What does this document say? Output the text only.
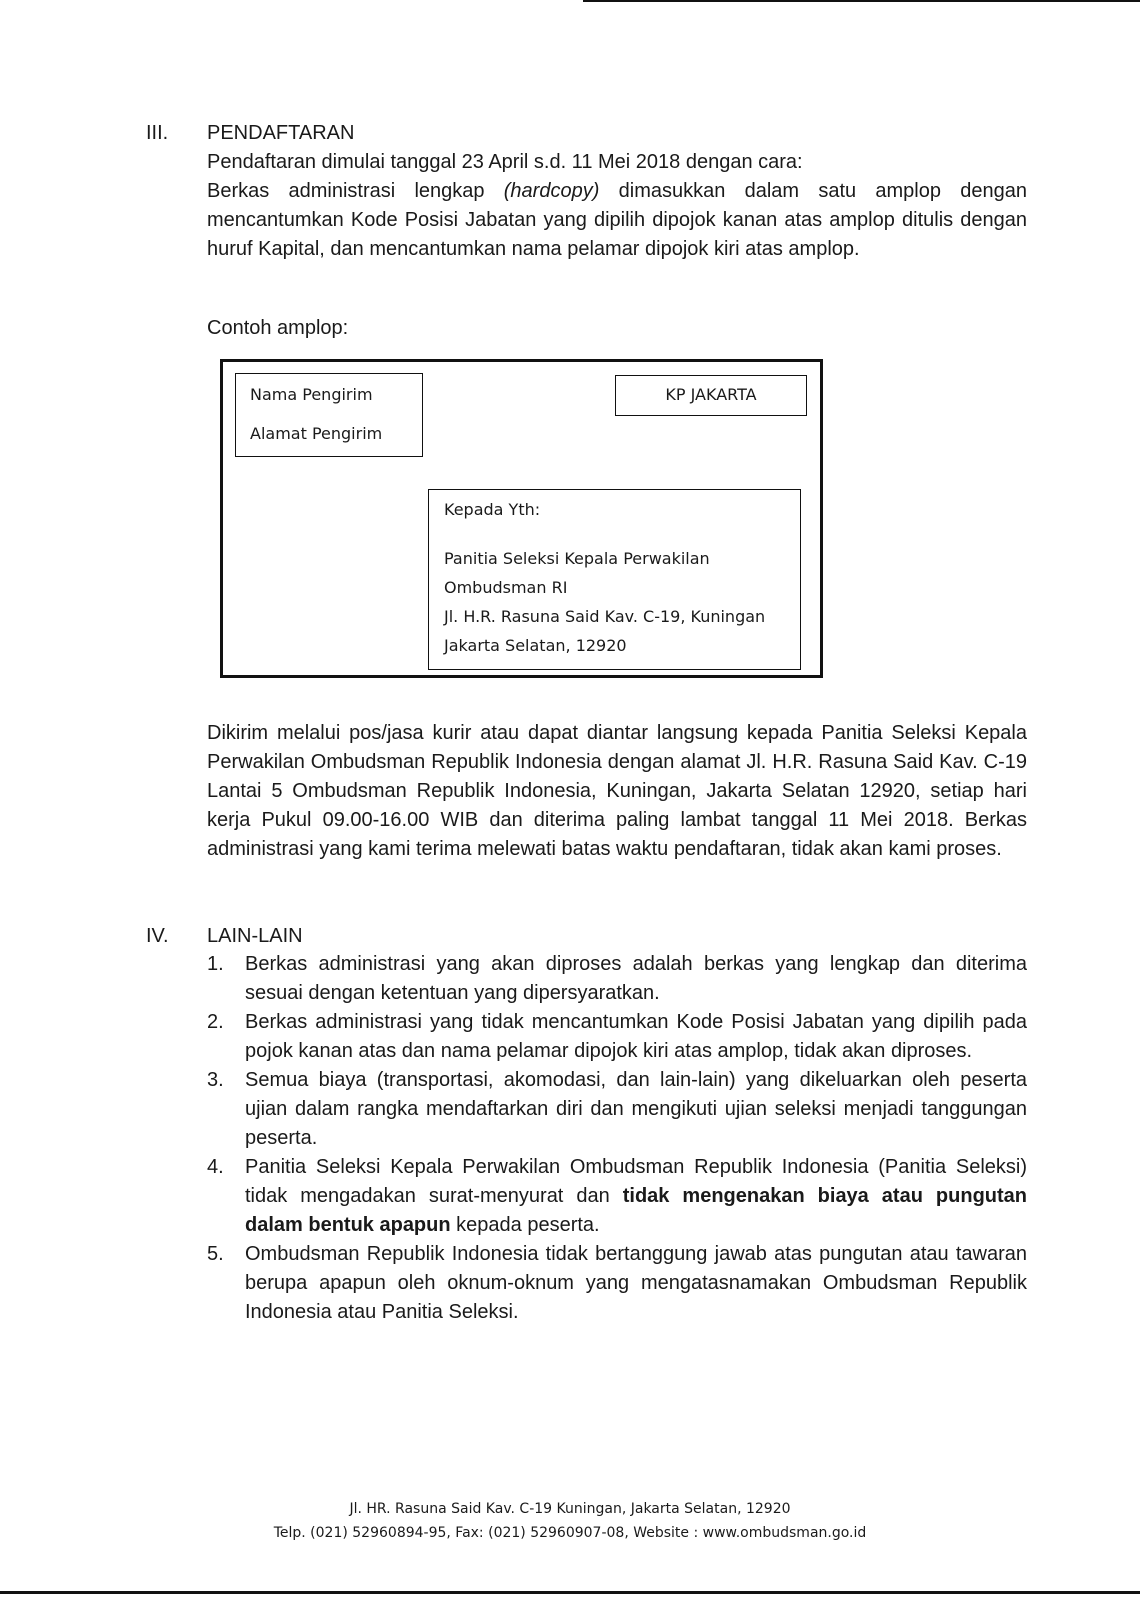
III. PENDAFTARAN

Pendaftaran dimulai tanggal 23 April s.d. 11 Mei 2018 dengan cara:

Berkas administrasi lengkap (hardcopy) dimasukkan dalam satu amplop dengan mencantumkan Kode Posisi Jabatan yang dipilih dipojok kanan atas amplop ditulis dengan huruf Kapital, dan mencantumkan nama pelamar dipojok kiri atas amplop.

Contoh amplop:
Nama Pengirim
Alamat Pengirim
KP JAKARTA
Kepada Yth:
Panitia Seleksi Kepala Perwakilan
Ombudsman RI
Jl. H.R. Rasuna Said Kav. C-19, Kuningan
Jakarta Selatan, 12920
Dikirim melalui pos/jasa kurir atau dapat diantar langsung kepada Panitia Seleksi Kepala Perwakilan Ombudsman Republik Indonesia dengan alamat Jl. H.R. Rasuna Said Kav. C-19 Lantai 5 Ombudsman Republik Indonesia, Kuningan, Jakarta Selatan 12920, setiap hari kerja Pukul 09.00-16.00 WIB dan diterima paling lambat tanggal 11 Mei 2018. Berkas administrasi yang kami terima melewati batas waktu pendaftaran, tidak akan kami proses.
IV. LAIN-LAIN
1. Berkas administrasi yang akan diproses adalah berkas yang lengkap dan diterima sesuai dengan ketentuan yang dipersyaratkan.
2. Berkas administrasi yang tidak mencantumkan Kode Posisi Jabatan yang dipilih pada pojok kanan atas dan nama pelamar dipojok kiri atas amplop, tidak akan diproses.
3. Semua biaya (transportasi, akomodasi, dan lain-lain) yang dikeluarkan oleh peserta ujian dalam rangka mendaftarkan diri dan mengikuti ujian seleksi menjadi tanggungan peserta.
4. Panitia Seleksi Kepala Perwakilan Ombudsman Republik Indonesia (Panitia Seleksi) tidak mengadakan surat-menyurat dan tidak mengenakan biaya atau pungutan dalam bentuk apapun kepada peserta.
5. Ombudsman Republik Indonesia tidak bertanggung jawab atas pungutan atau tawaran berupa apapun oleh oknum-oknum yang mengatasnamakan Ombudsman Republik Indonesia atau Panitia Seleksi.
Jl. HR. Rasuna Said Kav. C-19 Kuningan, Jakarta Selatan, 12920
Telp. (021) 52960894-95, Fax: (021) 52960907-08, Website : www.ombudsman.go.id
